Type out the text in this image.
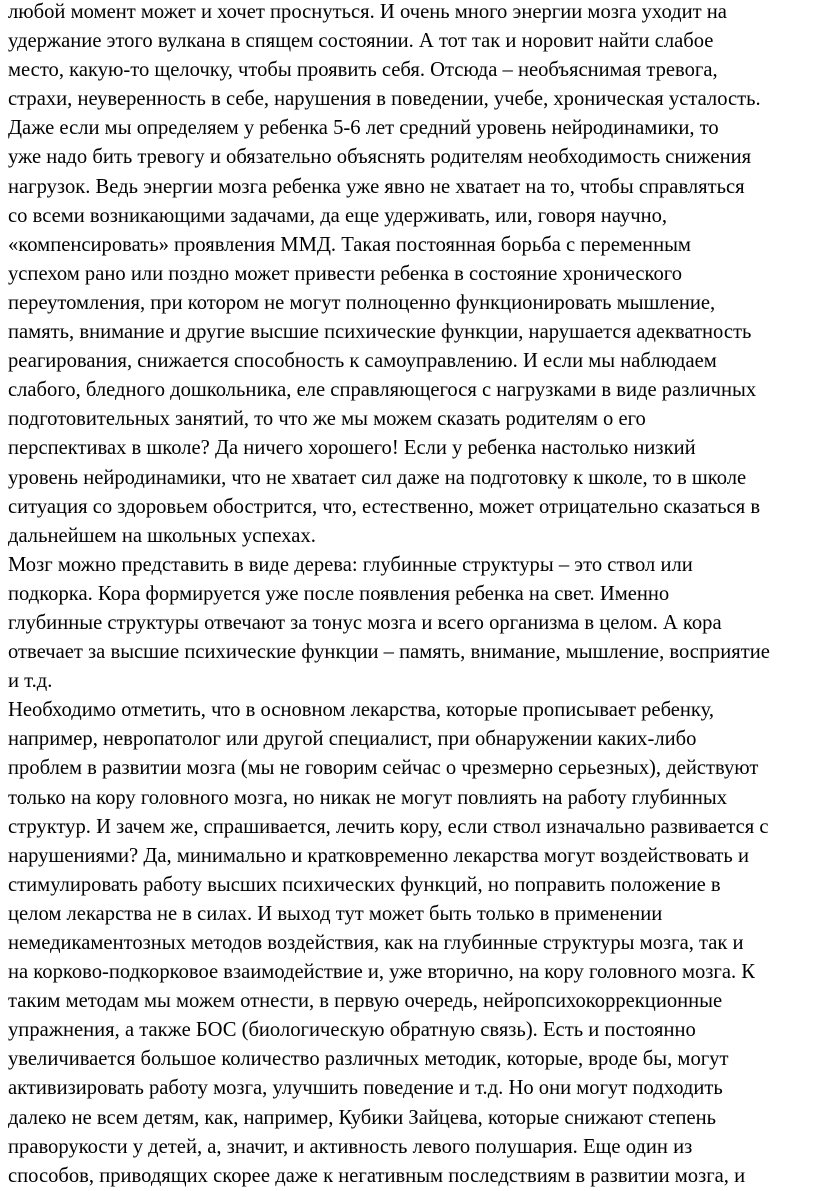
любой момент может и хочет проснуться. И очень много энергии мозга уходит на
удержание этого вулкана в спящем состоянии. А тот так и норовит найти слабое
место, какую-то щелочку, чтобы проявить себя. Отсюда – необъяснимая тревога,
страхи, неуверенность в себе, нарушения в поведении, учебе, хроническая усталость.
Даже если мы определяем у ребенка 5-6 лет средний уровень нейродинамики, то
уже надо бить тревогу и обязательно объяснять родителям необходимость снижения
нагрузок. Ведь энергии мозга ребенка уже явно не хватает на то, чтобы справляться
со всеми возникающими задачами, да еще удерживать, или, говоря научно,
«компенсировать» проявления ММД. Такая постоянная борьба с переменным
успехом рано или поздно может привести ребенка в состояние хронического
переутомления, при котором не могут полноценно функционировать мышление,
память, внимание и другие высшие психические функции, нарушается адекватность
реагирования, снижается способность к самоуправлению. И если мы наблюдаем
слабого, бледного дошкольника, еле справляющегося с нагрузками в виде различных
подготовительных занятий, то что же мы можем сказать родителям о его
перспективах в школе? Да ничего хорошего! Если у ребенка настолько низкий
уровень нейродинамики, что не хватает сил даже на подготовку к школе, то в школе
ситуация со здоровьем обострится, что, естественно, может отрицательно сказаться в
дальнейшем на школьных успехах.
Мозг можно представить в виде дерева: глубинные структуры – это ствол или
подкорка. Кора формируется уже после появления ребенка на свет. Именно
глубинные структуры отвечают за тонус мозга и всего организма в целом. А кора
отвечает за высшие психические функции – память, внимание, мышление, восприятие
и т.д.
Необходимо отметить, что в основном лекарства, которые прописывает ребенку,
например, невропатолог или другой специалист, при обнаружении каких-либо
проблем в развитии мозга (мы не говорим сейчас о чрезмерно серьезных), действуют
только на кору головного мозга, но никак не могут повлиять на работу глубинных
структур. И зачем же, спрашивается, лечить кору, если ствол изначально развивается с
нарушениями? Да, минимально и кратковременно лекарства могут воздействовать и
стимулировать работу высших психических функций, но поправить положение в
целом лекарства не в силах. И выход тут может быть только в применении
немедикаментозных методов воздействия, как на глубинные структуры мозга, так и
на корково-подкорковое взаимодействие и, уже вторично, на кору головного мозга. К
таким методам мы можем отнести, в первую очередь, нейропсихокоррекционные
упражнения, а также БОС (биологическую обратную связь). Есть и постоянно
увеличивается большое количество различных методик, которые, вроде бы, могут
активизировать работу мозга, улучшить поведение и т.д. Но они могут подходить
далеко не всем детям, как, например, Кубики Зайцева, которые снижают степень
праворукости у детей, а, значит, и активность левого полушария. Еще один из
способов, приводящих скорее даже к негативным последствиям в развитии мозга, и
